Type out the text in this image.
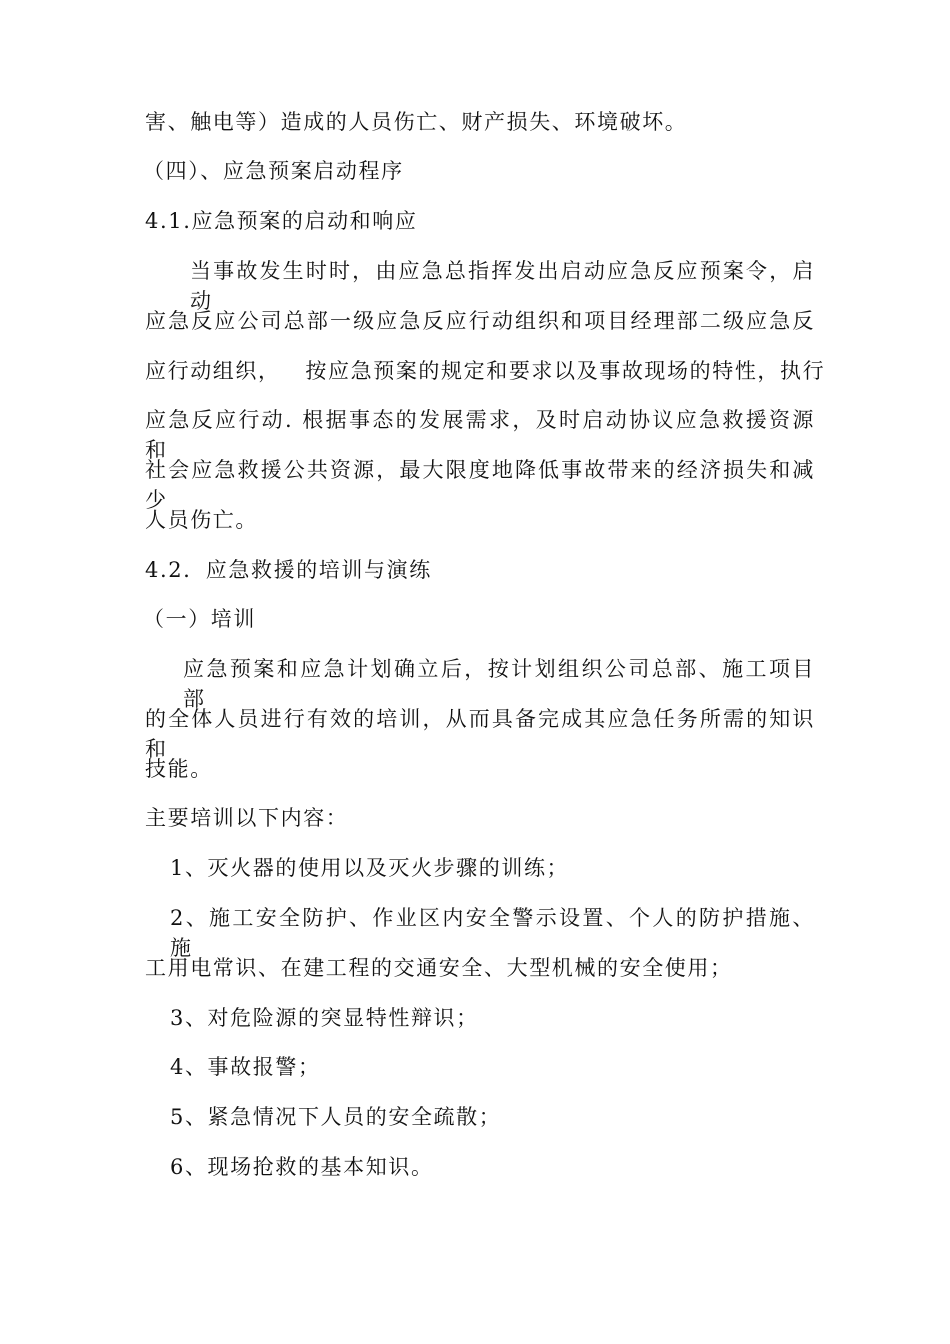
害、触电等）造成的人员伤亡、财产损失、环境破坏。
（四）、应急预案启动程序
4.1.应急预案的启动和响应
当事故发生时时，由应急总指挥发出启动应急反应预案令，启动
应急反应公司总部一级应急反应行动组织和项目经理部二级应急反
应行动组织，   按应急预案的规定和要求以及事故现场的特性，执行
应急反应行动. 根据事态的发展需求，及时启动协议应急救援资源和
社会应急救援公共资源，最大限度地降低事故带来的经济损失和减少
人员伤亡。
4.2．应急救援的培训与演练
（一）培训
应急预案和应急计划确立后，按计划组织公司总部、施工项目部
的全体人员进行有效的培训，从而具备完成其应急任务所需的知识和
技能。
主要培训以下内容：
1、灭火器的使用以及灭火步骤的训练；
2、施工安全防护、作业区内安全警示设置、个人的防护措施、施
工用电常识、在建工程的交通安全、大型机械的安全使用；
3、对危险源的突显特性辩识；
4、事故报警；
5、紧急情况下人员的安全疏散；
6、现场抢救的基本知识。
